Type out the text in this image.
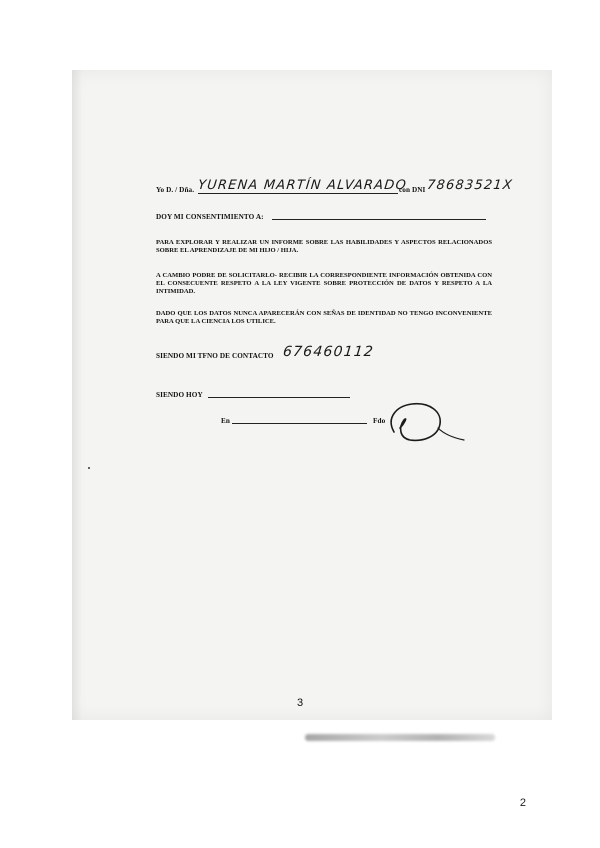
Yo D. / Dña. YURENA MARTÍN ALVARADO
con DNI 78683521X
DOY MI CONSENTIMIENTO A:
PARA EXPLORAR Y REALIZAR UN INFORME SOBRE LAS HABILIDADES Y ASPECTOS RELACIONADOS SOBRE EL APRENDIZAJE DE MI HIJO / HIJA.
A CAMBIO PODRE DE SOLICITARLO- RECIBIR LA CORRESPONDIENTE INFORMACIÓN OBTENIDA CON EL CONSECUENTE RESPETO A LA LEY VIGENTE SOBRE PROTECCIÓN DE DATOS Y RESPETO A LA INTIMIDAD.
DADO QUE LOS DATOS NUNCA APARECERÁN CON SEÑAS DE IDENTIDAD NO TENGO INCONVENIENTE PARA QUE LA CIENCIA LOS UTILICE.
SIENDO MI TFNO DE CONTACTO 676460112
SIENDO HOY
En	Fdo
3
2
